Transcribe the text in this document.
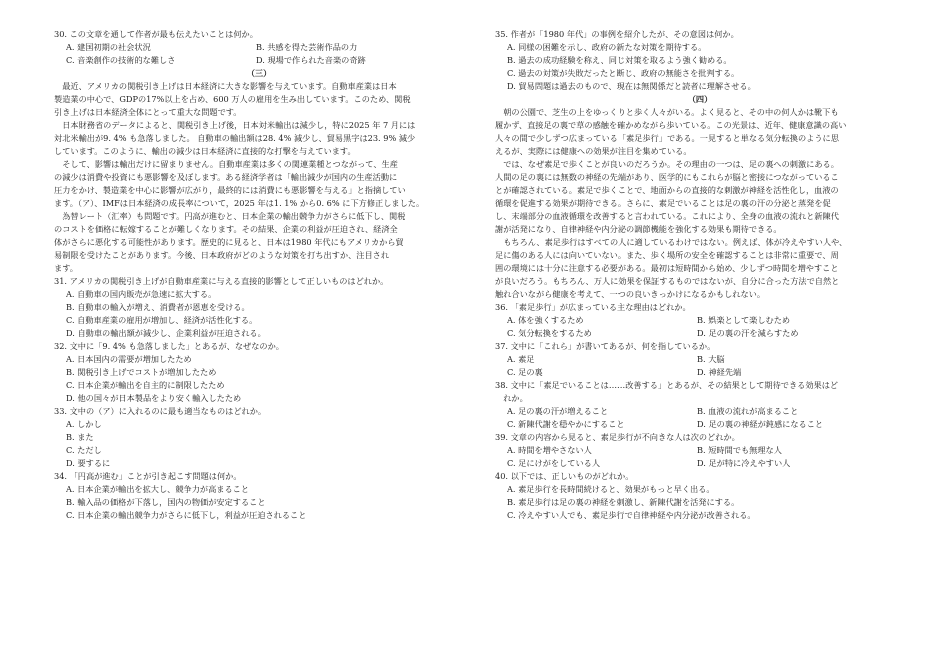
30. この文章を通して作者が最も伝えたいことは何か。
A. 建国初期の社会状況	B. 共感を得た芸術作品の力
C. 音楽創作の技術的な難しさ	D. 現場で作られた音楽の奇跡
（三）
　最近、アメリカの関税引き上げは日本経済に大きな影響を与えています。自動車産業は日本
製造業の中心で、GDPの17%以上を占め、600 万人の雇用を生み出しています。このため、関税
引き上げは日本経済全体にとって重大な問題です。
　日本財務省のデータによると、関税引き上げ後，日本対米輸出は減少し，特に2025 年 7 月には
対北米輸出が9. 4% も急落しました。 自動車の輸出額は28. 4% 減少し、貿易黒字は23. 9% 減少
しています。このように、輸出の減少は日本経済に直接的な打撃を与えています。
　そして、影響は輸出だけに留まりません。自動車産業は多くの関連業種とつながって、生産
の減少は消費や投資にも悪影響を及ぼします。ある経済学者は「輸出減少が国内の生産活動に
圧力をかけ、製造業を中心に影響が広がり，最終的には消費にも悪影響を与える」と指摘してい
ます。（ア）、IMFは日本経済の成長率について，2025 年は1. 1% から0. 6% に下方修正しました。
　為替レート（汇率）も問題です。円高が進むと、日本企業の輸出競争力がさらに低下し、関税
のコストを価格に転嫁することが難しくなります。その結果、企業の利益が圧迫され、経済全
体がさらに悪化する可能性があります。歴史的に見ると、日本は1980 年代にもアメリカから貿
易制限を受けたことがあります。今後、日本政府がどのような対策を打ち出すか、注目され
ます。
31. アメリカの関税引き上げが自動車産業に与える直接的影響として正しいものはどれか。
A. 自動車の国内販売が急速に拡大する。
B. 自動車の輸入が増え、消費者が恩恵を受ける。
C. 自動車産業の雇用が増加し、経済が活性化する。
D. 自動車の輸出額が減少し、企業利益が圧迫される。
32. 文中に「9. 4% も急落しました」とあるが、なぜなのか。
A. 日本国内の需要が増加したため
B. 関税引き上げでコストが増加したため
C. 日本企業が輸出を自主的に制限したため
D. 他の国々が日本製品をより安く輸入したため
33. 文中の（ア）に入れるのに最も適当なものはどれか。
A. しかし
B. また
C. ただし
D. 要するに
34. 「円高が進む」ことが引き起こす問題は何か。
A. 日本企業が輸出を拡大し、競争力が高まること
B. 輸入品の価格が下落し，国内の物価が安定すること
C. 日本企業の輸出競争力がさらに低下し，利益が圧迫されること
35. 作者が「1980 年代」の事例を紹介したが、その意図は何か。
A. 同様の困難を示し、政府の新たな対策を期待する。
B. 過去の成功経験を称え、同じ対策を取るよう強く勧める。
C. 過去の対策が失敗だったと断じ、政府の無能さを批判する。
D. 貿易問題は過去のもので、現在は無関係だと読者に理解させる。
（四）
　朝の公園で、芝生の上をゆっくりと歩く人々がいる。よく見ると、その中の何人かは靴下も
履かず、直接足の裏で草の感触を確かめながら歩いている。この光景は、近年、健康意識の高い
人々の間で少しずつ広まっている「素足歩行」である。一見すると単なる気分転換のように思
えるが、実際には健康への効果が注目を集めている。
　では、なぜ素足で歩くことが良いのだろうか。その理由の一つは、足の裏への刺激にある。
人間の足の裏には無数の神経の先端があり、医学的にもこれらが脳と密接につながっているこ
とが確認されている。素足で歩くことで、地面からの直接的な刺激が神経を活性化し，血液の
循環を促進する効果が期待できる。さらに、素足でいることは足の裏の汗の分泌と蒸発を促
し、末端部分の血液循環を改善すると言われている。これにより、全身の血液の流れと新陳代
謝が活発になり、自律神経や内分泌の調節機能を強化する効果も期待できる。
　もちろん、素足歩行はすべての人に適しているわけではない。例えば、体が冷えやすい人や、
足に傷のある人には向いていない。また、歩く場所の安全を確認することは非常に重要で、周
囲の環境には十分に注意する必要がある。最初は短時間から始め、少しずつ時間を増やすこと
が良いだろう。もちろん、万人に効果を保証するものではないが、自分に合った方法で自然と
触れ合いながら健康を考えて、一つの良いきっかけになるかもしれない。
36. 「素足歩行」が広まっている主な理由はどれか。
A. 体を強くするため	B. 娯楽として楽しむため
C. 気分転換をするため	D. 足の裏の汗を減らすため
37. 文中に「これら」が書いてあるが、何を指しているか。
A. 素足	B. 大脳
C. 足の裏	D. 神経先端
38. 文中に「素足でいることは……改善する」とあるが、その結果として期待できる効果はど
　れか。
A. 足の裏の汗が増えること	B. 血液の流れが高まること
C. 新陳代謝を穏やかにすること	D. 足の裏の神経が鈍感になること
39. 文章の内容から見ると、素足歩行が不向きな人は次のどれか。
A. 時間を増やさない人	B. 短時間でも無理な人
C. 足にけがをしている人	D. 足が特に冷えやすい人
40. 以下では、正しいものがどれか。
A. 素足歩行を長時間続けると、効果がもっと早く出る。
B. 素足歩行は足の裏の神経を刺激し、新陳代謝を活発にする。
C. 冷えやすい人でも、素足歩行で自律神経や内分泌が改善される。
